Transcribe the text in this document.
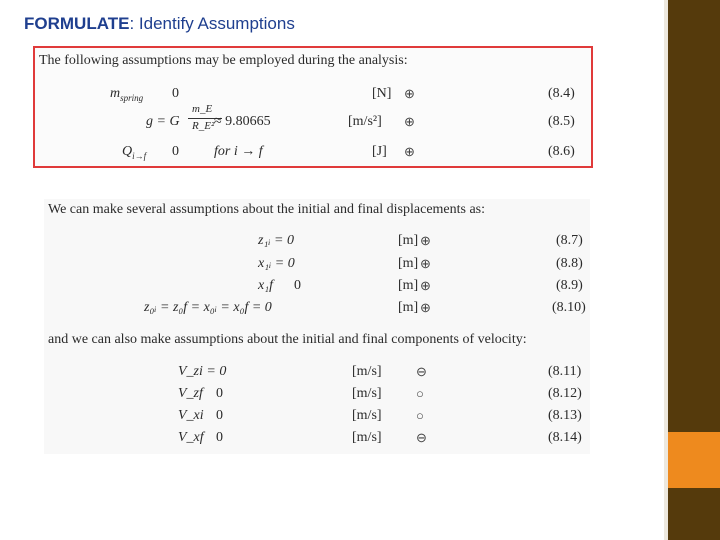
FORMULATE: Identify Assumptions
The following assumptions may be employed during the analysis:
$m_{spring}$ 0	[N] ⊕	(8.4)
g = G
m_E
R_E² ≈ 9.80665	[m/s²] ⊕	(8.5)
$Q_{i\to f}$ 0	for i → f	[J] ⊕	(8.6)
We can make several assumptions about the initial and final displacements as:
z₁ᵢ = 0	[m] ⊕	(8.7)
x₁ᵢ = 0	[m] ⊕	(8.8)
x₁f 0	[m] ⊕	(8.9)
z₀ᵢ = z₀f = x₀ᵢ = x₀f = 0	[m] ⊕	(8.10)
and we can also make assumptions about the initial and final components of velocity:
V_zi = 0	[m/s]	⊖	(8.11)
V_zf 0	[m/s]	○	(8.12)
V_xi 0	[m/s]	○	(8.13)
V_xf 0	[m/s]	⊖	(8.14)
